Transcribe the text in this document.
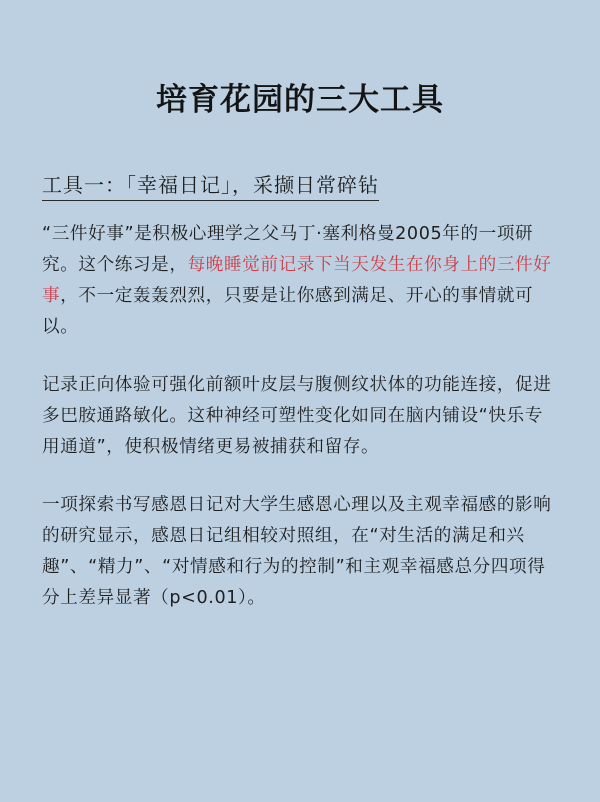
培育花园的三大工具
工具一：「幸福日记」，采撷日常碎钻

“三件好事”是积极心理学之父马丁·塞利格曼2005年的一项研究。这个练习是，每晚睡觉前记录下当天发生在你身上的三件好事，不一定轰轰烈烈，只要是让你感到满足、开心的事情就可以。

记录正向体验可强化前额叶皮层与腹侧纹状体的功能连接，促进多巴胺通路敏化。这种神经可塑性变化如同在脑内铺设“快乐专用通道”，使积极情绪更易被捕获和留存。

一项探索书写感恩日记对大学生感恩心理以及主观幸福感的影响的研究显示，感恩日记组相较对照组，在“对生活的满足和兴趣”、“精力”、“对情感和行为的控制”和主观幸福感总分四项得分上差异显著（p<0.01）。
